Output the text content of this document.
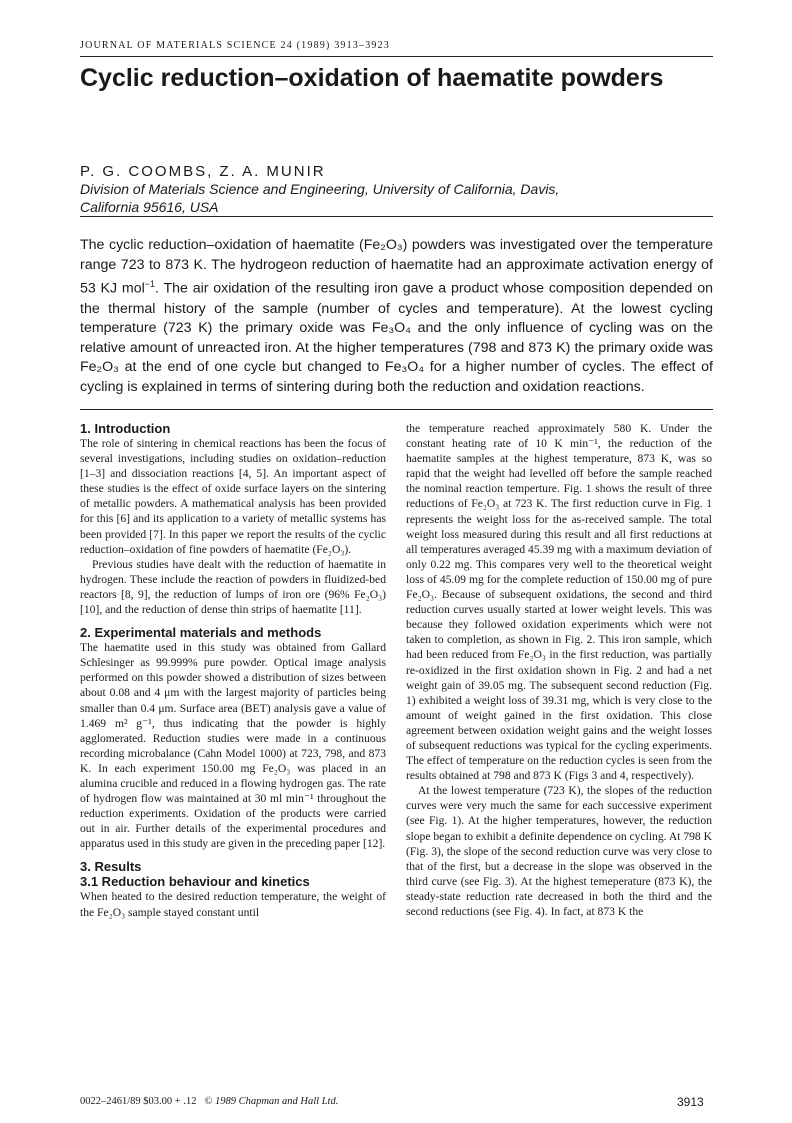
JOURNAL OF MATERIALS SCIENCE 24 (1989) 3913–3923
Cyclic reduction–oxidation of haematite powders
P. G. COOMBS, Z. A. MUNIR
Division of Materials Science and Engineering, University of California, Davis,
California 95616, USA
The cyclic reduction–oxidation of haematite (Fe₂O₃) powders was investigated over the temperature range 723 to 873 K. The hydrogeon reduction of haematite had an approximate activation energy of 53 KJ mol$^{-1}$. The air oxidation of the resulting iron gave a product whose composition depended on the thermal history of the sample (number of cycles and temperature). At the lowest cycling temperature (723 K) the primary oxide was Fe₃O₄ and the only influence of cycling was on the relative amount of unreacted iron. At the higher temperatures (798 and 873 K) the primary oxide was Fe₂O₃ at the end of one cycle but changed to Fe₃O₄ for a higher number of cycles. The effect of cycling is explained in terms of sintering during both the reduction and oxidation reactions.
1. Introduction

The role of sintering in chemical reactions has been the focus of several investigations, including studies on oxidation–reduction [1–3] and dissociation reactions [4, 5]. An important aspect of these studies is the effect of oxide surface layers on the sintering of metallic powders. A mathematical analysis has been provided for this [6] and its application to a variety of metallic systems has been provided [7]. In this paper we report the results of the cyclic reduction–oxidation of fine powders of haematite (Fe₂O₃).

Previous studies have dealt with the reduction of haematite in hydrogen. These include the reaction of powders in fluidized-bed reactors [8, 9], the reduction of lumps of iron ore (96% Fe₂O₃) [10], and the reduction of dense thin strips of haematite [11].

2. Experimental materials and methods

The haematite used in this study was obtained from Gallard Schlesinger as 99.999% pure powder. Optical image analysis performed on this powder showed a distribution of sizes between about 0.08 and 4 μm with the largest majority of particles being smaller than 0.4 μm. Surface area (BET) analysis gave a value of 1.469 m² g⁻¹, thus indicating that the powder is highly agglomerated. Reduction studies were made in a continuous recording microbalance (Cahn Model 1000) at 723, 798, and 873 K. In each experiment 150.00 mg Fe₂O₃ was placed in an alumina crucible and reduced in a flowing hydrogen gas. The rate of hydrogen flow was maintained at 30 ml min⁻¹ throughout the reduction experiments. Oxidation of the products were carried out in air. Further details of the experimental procedures and apparatus used in this study are given in the preceding paper [12].

3. Results
3.1 Reduction behaviour and kinetics

When heated to the desired reduction temperature, the weight of the Fe₂O₃ sample stayed constant until

the temperature reached approximately 580 K. Under the constant heating rate of 10 K min⁻¹, the reduction of the haematite samples at the highest temperature, 873 K, was so rapid that the weight had levelled off before the sample reached the nominal reaction temperture. Fig. 1 shows the result of three reductions of Fe₂O₃ at 723 K. The first reduction curve in Fig. 1 represents the weight loss for the as-received sample. The total weight loss measured during this result and all first reductions at all temperatures averaged 45.39 mg with a maximum deviation of only 0.22 mg. This compares very well to the theoretical weight loss of 45.09 mg for the complete reduction of 150.00 mg of pure Fe₂O₃. Because of subsequent oxidations, the second and third reduction curves usually started at lower weight levels. This was because they followed oxidation experiments which were not taken to completion, as shown in Fig. 2. This iron sample, which had been reduced from Fe₂O₃ in the first reduction, was partially re-oxidized in the first oxidation shown in Fig. 2 and had a net weight gain of 39.05 mg. The subsequent second reduction (Fig. 1) exhibited a weight loss of 39.31 mg, which is very close to the amount of weight gained in the first oxidation. This close agreement between oxidation weight gains and the weight losses of subsequent reductions was typical for the cycling experiments. The effect of temperature on the reduction cycles is seen from the results obtained at 798 and 873 K (Figs 3 and 4, respectively).

At the lowest temperature (723 K), the slopes of the reduction curves were very much the same for each successive experiment (see Fig. 1). At the higher temperatures, however, the reduction slope began to exhibit a definite dependence on cycling. At 798 K (Fig. 3), the slope of the second reduction curve was very close to that of the first, but a decrease in the slope was observed in the third curve (see Fig. 3). At the highest temeperature (873 K), the steady-state reduction rate decreased in both the third and the second reductions (see Fig. 4). In fact, at 873 K the

0022–2461/89 $03.00 + .12 © 1989 Chapman and Hall Ltd.	3913
